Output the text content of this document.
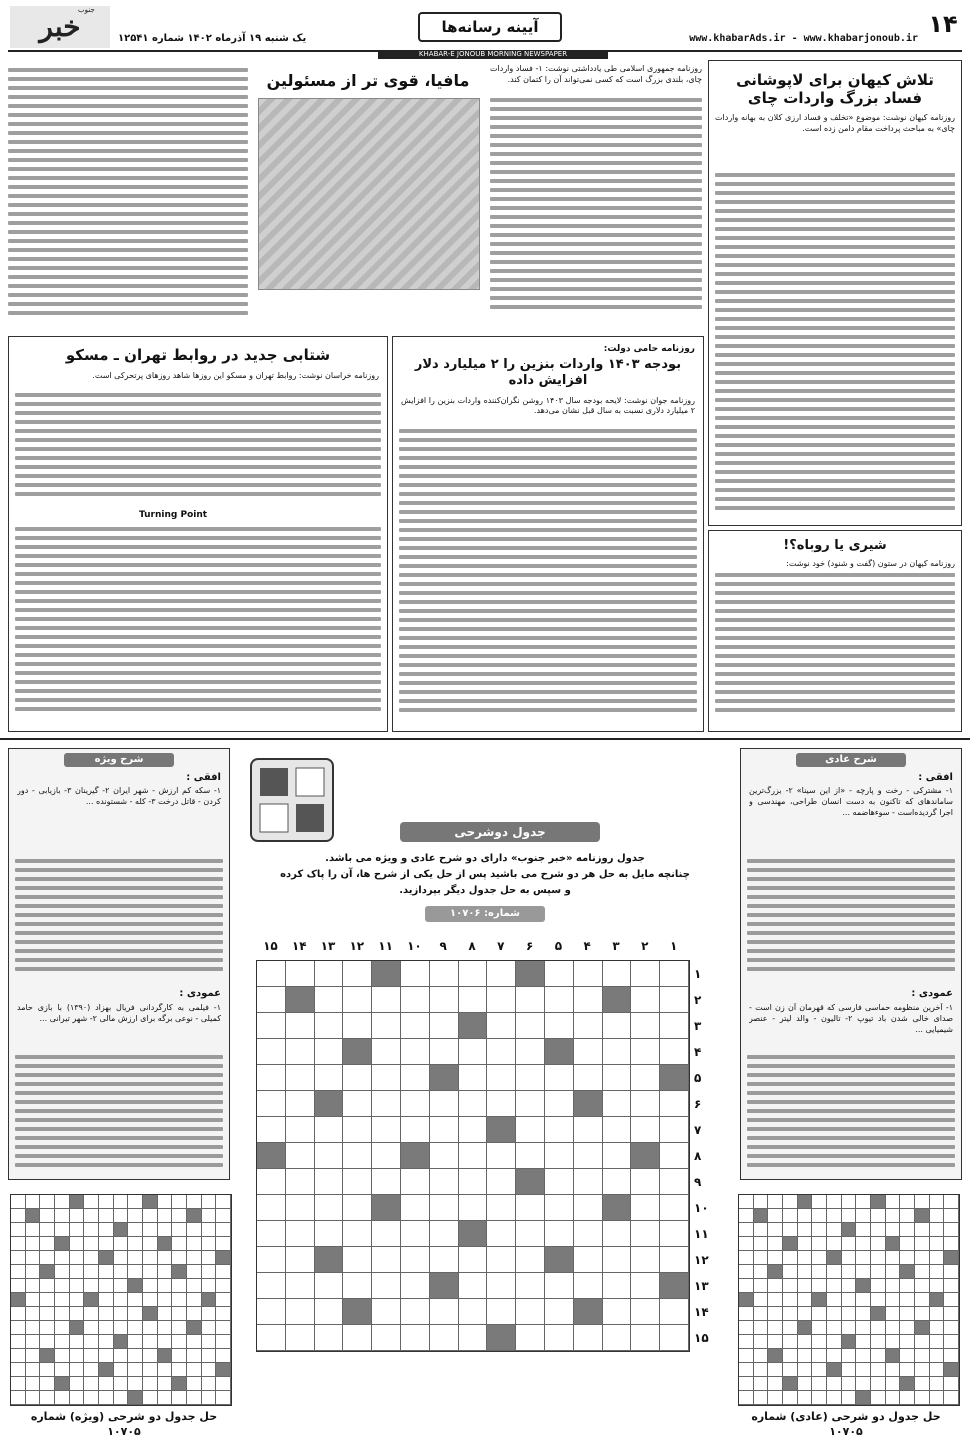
۱۴
www.khabarAds.ir - www.khabarjonoub.ir
آیینه رسانه‌ها
یک شنبه ۱۹ آذرماه ۱۴۰۲ شماره ۱۲۵۴۱
خبر
جنوب
KHABAR-E JONOUB MORNING NEWSPAPER
تلاش کیهان برای لاپوشانی فساد بزرگ واردات چای
روزنامه کیهان نوشت: موضوع «تخلف و فساد ارزی کلان به بهانه واردات چای» به مباحث پرداخت مقام دامن زده است.
شیری یا روباه؟!
روزنامه کیهان در ستون (گفت و شنود) خود نوشت:
مافیا، قوی تر از مسئولین
روزنامه جمهوری اسلامی طی یادداشتی نوشت: ۱- فساد واردات چای، بلندی بزرگ است که کسی نمی‌تواند آن را کتمان کند.
روزنامه حامی دولت:
بودجه ۱۴۰۳ واردات بنزین را ۲ میلیارد دلار افزایش داده
روزنامه جوان نوشت: لایحه بودجه سال ۱۴۰۳ روشن نگران‌کننده واردات بنزین را افزایش ۲ میلیارد دلاری نسبت به سال قبل نشان می‌دهد.
شتابی جدید در روابط تهران ـ مسکو
روزنامه خراسان نوشت: روابط تهران و مسکو این روزها شاهد روزهای پرتحرکی است.
Turning Point
شرح عادی
افقی :
۱- مشترکی - رخت و پارچه - «از این سینا» ۲- بزرگ‌ترین ساماندهای که تاکنون به دست انسان طراحی، مهندسی و اجرا گردیده‌است - سوءهاضمه ...
عمودی :
۱- آخرین منظومه حماسی فارسی که قهرمان آن زن است - صدای خالی شدن باد تیوپ ۲- تالیون - والد لیتر - عنصر شیمیایی ...
شرح ویژه
افقی :
۱- سکه کم ارزش - شهر ایران ۲- گیرینان ۳- بازیابی - دور کردن - قاتل درخت ۳- کله - شستونده ...
عمودی :
۱- فیلمی به کارگردانی فریال بهزاد (۱۳۹۰) با بازی حامد کمیلی - نوعی برگه برای ارزش مالی ۲- شهر تیرانی ...
جدول دوشرحی
جدول روزنامه «خبر جنوب» دارای دو شرح عادی و ویژه می باشد.
چنانچه مایل به حل هر دو شرح می باشید پس از حل یکی از شرح ها، آن را پاک کرده
و سپس به حل جدول دیگر بپردازید.
شماره: ۱۰۷۰۶
۱
۲
۳
۴
۵
۶
۷
۸
۹
۱۰
۱۱
۱۲
۱۳
۱۴
۱۵
۱
۲
۳
۴
۵
۶
۷
۸
۹
۱۰
۱۱
۱۲
۱۳
۱۴
۱۵
حل جدول دو شرحی (عادی) شماره ۱۰۷۰۵
حل جدول دو شرحی (ویژه) شماره ۱۰۷۰۵
